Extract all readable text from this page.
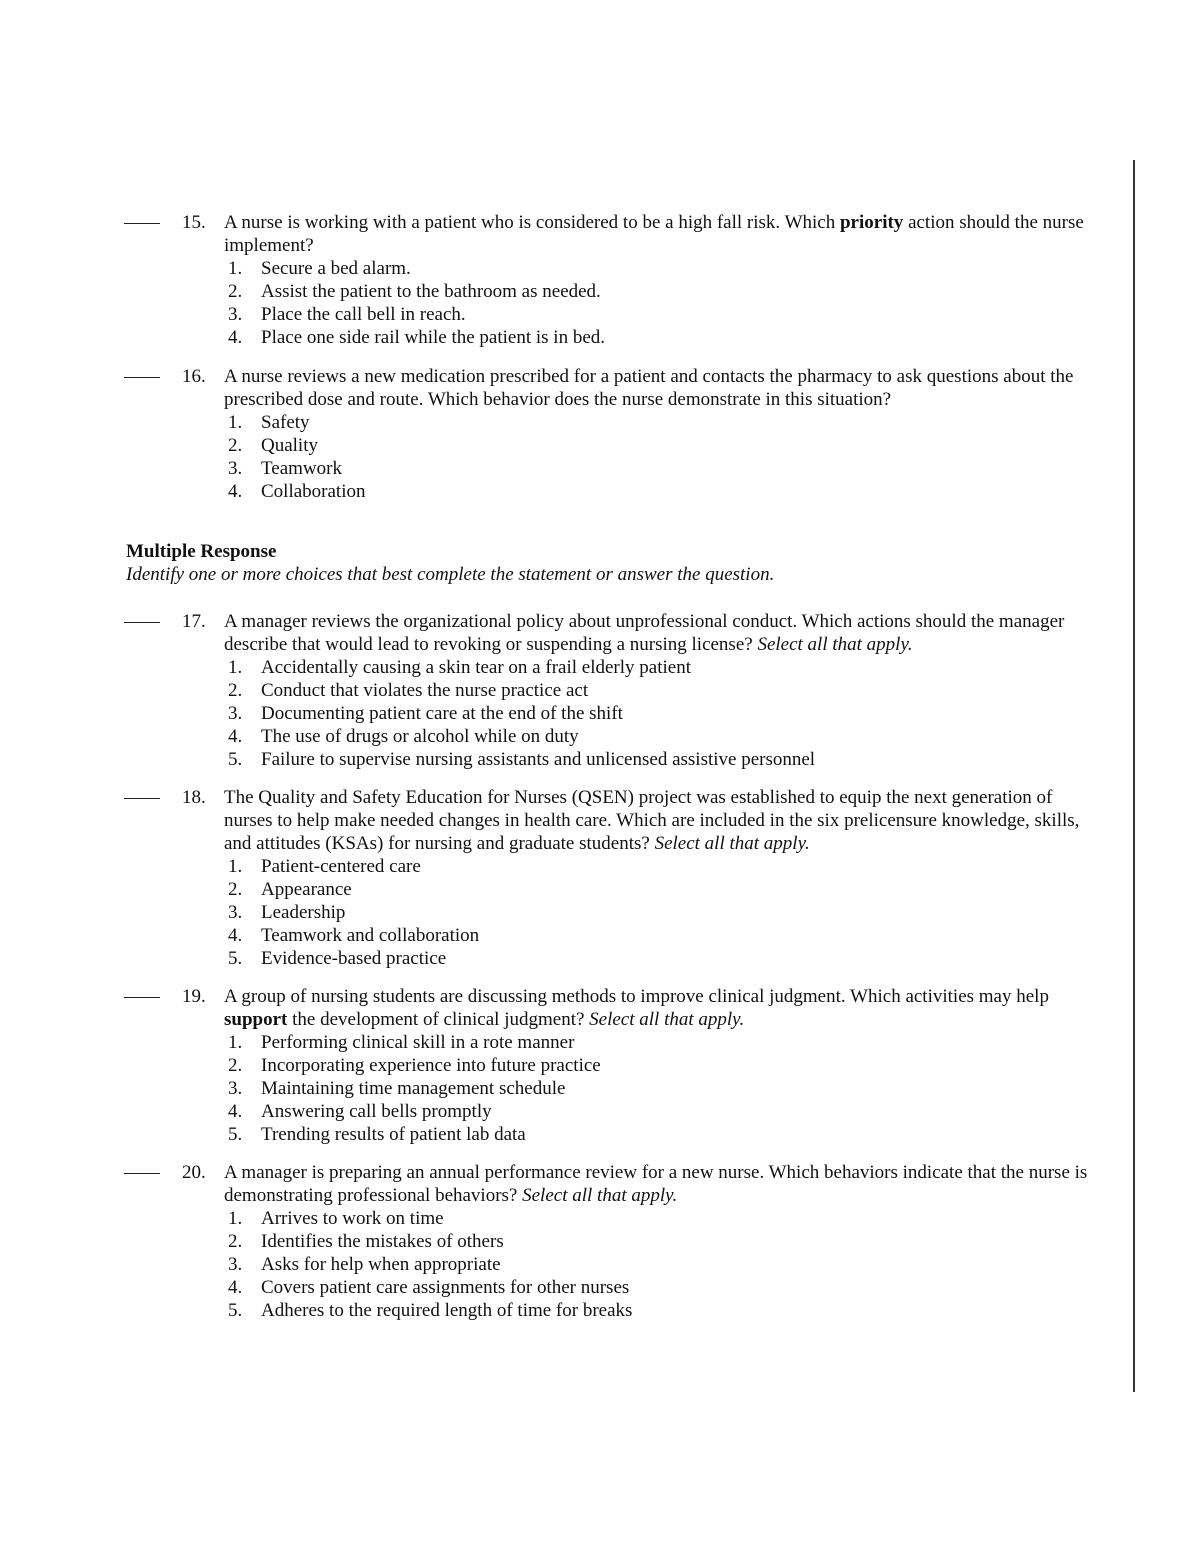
15. A nurse is working with a patient who is considered to be a high fall risk. Which priority action should the nurse implement?
1. Secure a bed alarm.
2. Assist the patient to the bathroom as needed.
3. Place the call bell in reach.
4. Place one side rail while the patient is in bed.
16. A nurse reviews a new medication prescribed for a patient and contacts the pharmacy to ask questions about the prescribed dose and route. Which behavior does the nurse demonstrate in this situation?
1. Safety
2. Quality
3. Teamwork
4. Collaboration
Multiple Response
Identify one or more choices that best complete the statement or answer the question.
17. A manager reviews the organizational policy about unprofessional conduct. Which actions should the manager describe that would lead to revoking or suspending a nursing license? Select all that apply.
1. Accidentally causing a skin tear on a frail elderly patient
2. Conduct that violates the nurse practice act
3. Documenting patient care at the end of the shift
4. The use of drugs or alcohol while on duty
5. Failure to supervise nursing assistants and unlicensed assistive personnel
18. The Quality and Safety Education for Nurses (QSEN) project was established to equip the next generation of nurses to help make needed changes in health care. Which are included in the six prelicensure knowledge, skills, and attitudes (KSAs) for nursing and graduate students? Select all that apply.
1. Patient-centered care
2. Appearance
3. Leadership
4. Teamwork and collaboration
5. Evidence-based practice
19. A group of nursing students are discussing methods to improve clinical judgment. Which activities may help support the development of clinical judgment? Select all that apply.
1. Performing clinical skill in a rote manner
2. Incorporating experience into future practice
3. Maintaining time management schedule
4. Answering call bells promptly
5. Trending results of patient lab data
20. A manager is preparing an annual performance review for a new nurse. Which behaviors indicate that the nurse is demonstrating professional behaviors? Select all that apply.
1. Arrives to work on time
2. Identifies the mistakes of others
3. Asks for help when appropriate
4. Covers patient care assignments for other nurses
5. Adheres to the required length of time for breaks
